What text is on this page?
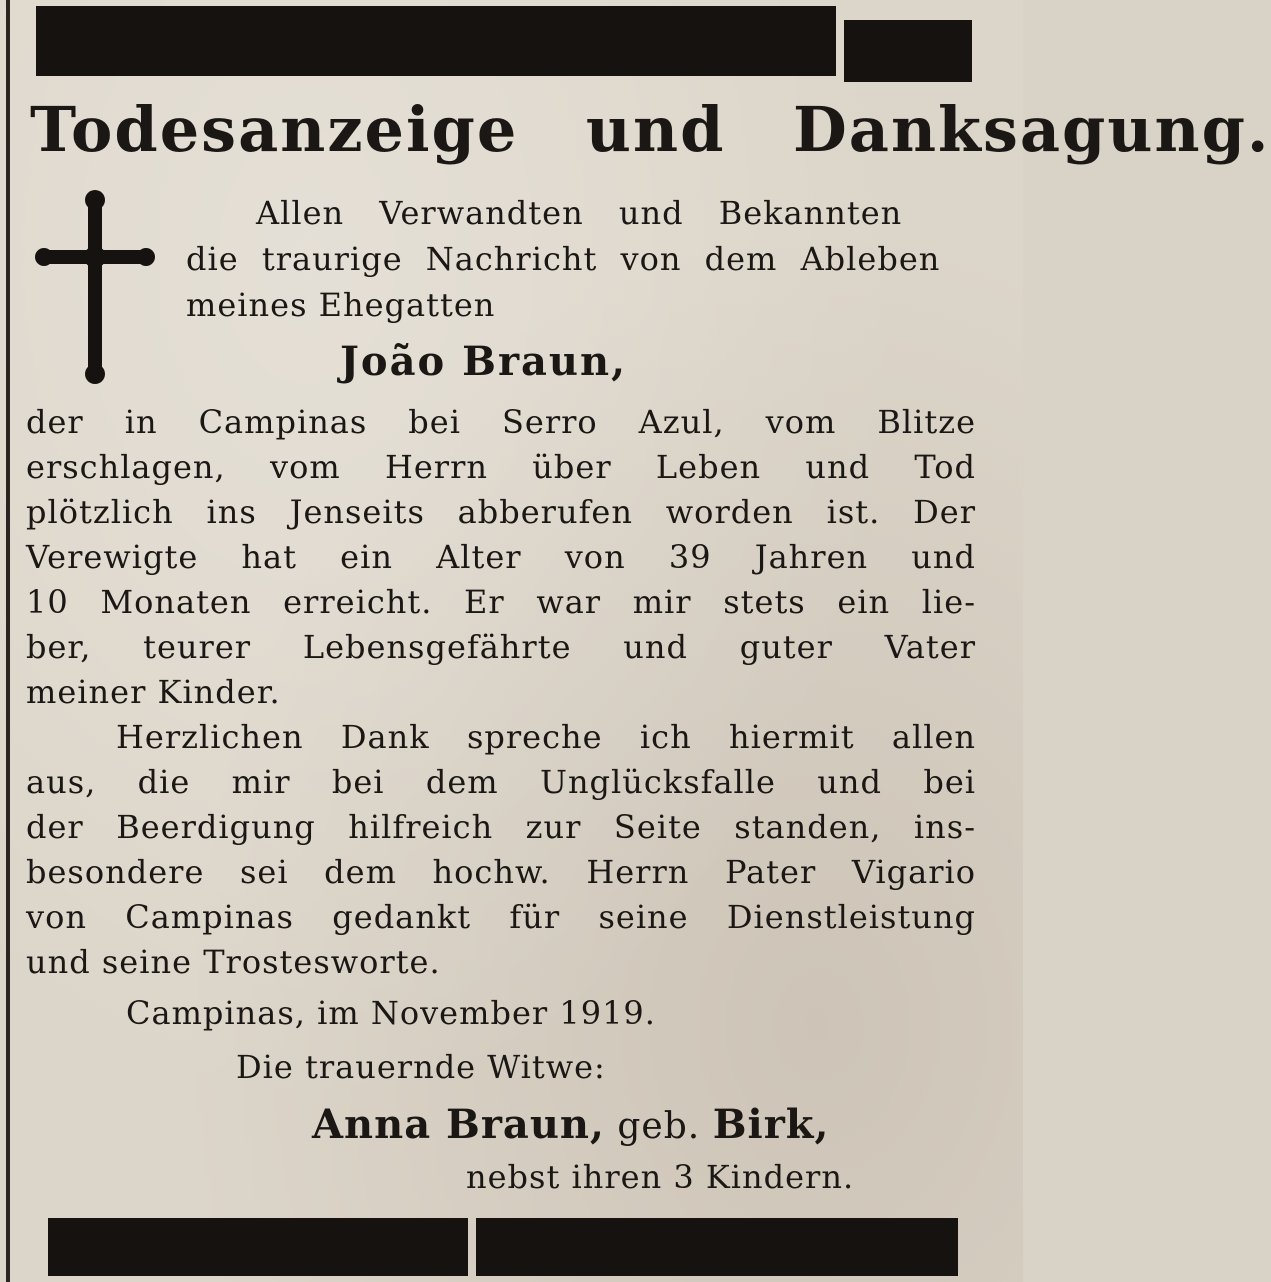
Todesanzeige und Danksagung.
Allen Verwandten und Bekannten
die traurige Nachricht von dem Ableben
meines Ehegatten
João Braun,
der in Campinas bei Serro Azul, vom Blitze
erschlagen, vom Herrn über Leben und Tod
plötzlich ins Jenseits abberufen worden ist. Der
Verewigte hat ein Alter von 39 Jahren und
10 Monaten erreicht. Er war mir stets ein lie-
ber, teurer Lebensgefährte und guter Vater
meiner Kinder.
Herzlichen Dank spreche ich hiermit allen
aus, die mir bei dem Unglücksfalle und bei
der Beerdigung hilfreich zur Seite standen, ins-
besondere sei dem hochw. Herrn Pater Vigario
von Campinas gedankt für seine Dienstleistung
und seine Trostesworte.
Campinas, im November 1919.
Die trauernde Witwe:
Anna Braun, geb. Birk,
nebst ihren 3 Kindern.
